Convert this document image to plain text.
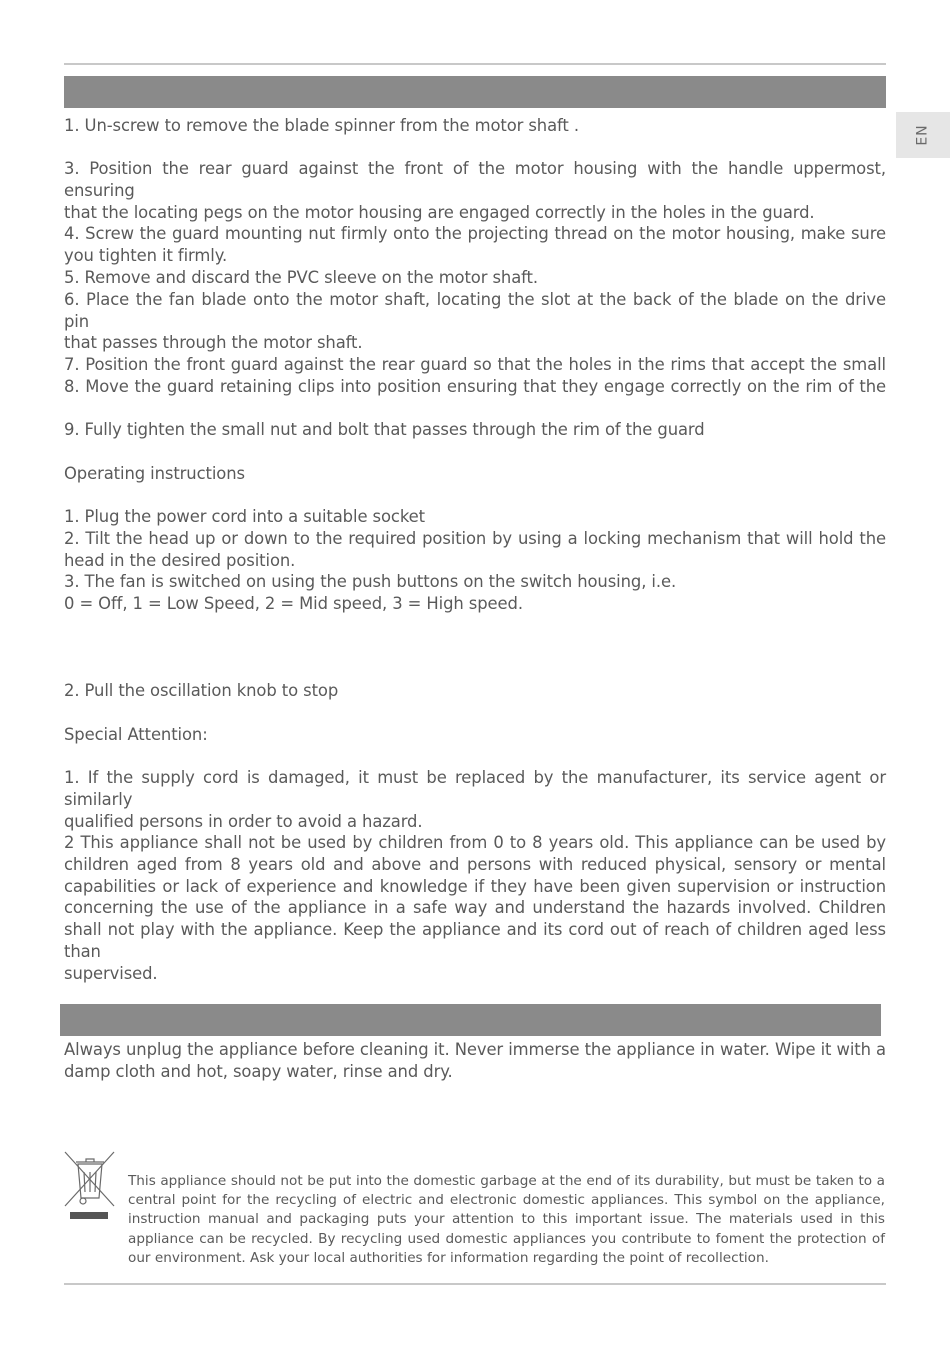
EN

1. Un-screw to remove the blade spinner from the motor shaft .

3. Position the rear guard against the front of the motor housing with the handle uppermost, ensuring

that the locating pegs on the motor housing are engaged correctly in the holes in the guard.

4. Screw the guard mounting nut firmly onto the projecting thread on the motor housing, make sure

you tighten it firmly.

5. Remove and discard the PVC sleeve on the motor shaft.

6. Place the fan blade onto the motor shaft, locating the slot at the back of the blade on the drive pin

that passes through the motor shaft.

7. Position the front guard against the rear guard so that the holes in the rims that accept the small

8. Move the guard retaining clips into position ensuring that they engage correctly on the rim of the

9. Fully tighten the small nut and bolt that passes through the rim of the guard

Operating instructions

1. Plug the power cord into a suitable socket

2. Tilt the head up or down to the required position by using a locking mechanism that will hold the

head in the desired position.

3. The fan is switched on using the push buttons on the switch housing, i.e.

0 = Off, 1 = Low Speed, 2 = Mid speed, 3 = High speed.

2. Pull the oscillation knob to stop

Special Attention:

1. If the supply cord is damaged, it must be replaced by the manufacturer, its service agent or similarly

qualified persons in order to avoid a hazard.

2 This appliance shall not be used by children from 0 to 8 years old. This appliance can be used by children aged from 8 years old and above and persons with reduced physical, sensory or mental capabilities or lack of experience and knowledge if they have been given supervision or instruction concerning the use of the appliance in a safe way and understand the hazards involved. Children shall not play with the appliance. Keep the appliance and its cord out of reach of children aged less than

supervised.

Always unplug the appliance before cleaning it. Never immerse the appliance in water. Wipe it with a damp cloth and hot, soapy water, rinse and dry.

This appliance should not be put into the domestic garbage at the end of its durability, but must be taken to a central point for the recycling of electric and electronic domestic appliances. This symbol on the appliance, instruction manual and packaging puts your attention to this important issue. The materials used in this appliance can be recycled. By recycling used domestic appliances you contribute to foment the protection of our environment. Ask your local authorities for information regarding the point of recollection.
